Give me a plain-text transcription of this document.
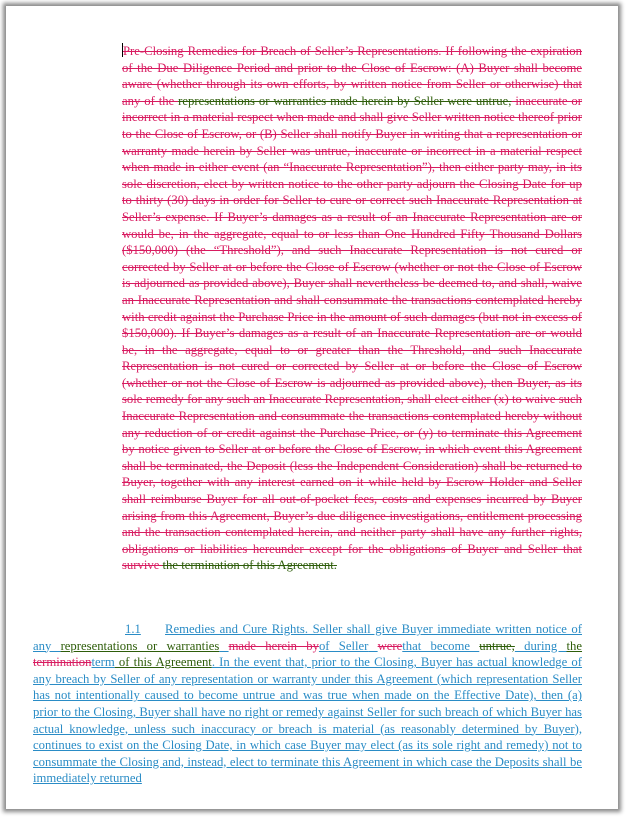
Pre-Closing Remedies for Breach of Seller’s Representations. If following the expiration of the Due Diligence Period and prior to the Close of Escrow: (A) Buyer shall become aware (whether through its own efforts, by written notice from Seller or otherwise) that any of the representations or warranties made herein by Seller were untrue, inaccurate or incorrect in a material respect when made and shall give Seller written notice thereof prior to the Close of Escrow, or (B) Seller shall notify Buyer in writing that a representation or warranty made herein by Seller was untrue, inaccurate or incorrect in a material respect when made in either event (an “Inaccurate Representation”), then either party may, in its sole discretion, elect by written notice to the other party adjourn the Closing Date for up to thirty (30) days in order for Seller to cure or correct such Inaccurate Representation at Seller’s expense. If Buyer’s damages as a result of an Inaccurate Representation are or would be, in the aggregate, equal to or less than One Hundred Fifty Thousand Dollars ($150,000) (the “Threshold”), and such Inaccurate Representation is not cured or corrected by Seller at or before the Close of Escrow (whether or not the Close of Escrow is adjourned as provided above), Buyer shall nevertheless be deemed to, and shall, waive an Inaccurate Representation and shall consummate the transactions contemplated hereby with credit against the Purchase Price in the amount of such damages (but not in excess of $150,000). If Buyer’s damages as a result of an Inaccurate Representation are or would be, in the aggregate, equal to or greater than the Threshold, and such Inaccurate Representation is not cured or corrected by Seller at or before the Close of Escrow (whether or not the Close of Escrow is adjourned as provided above), then Buyer, as its sole remedy for any such an Inaccurate Representation, shall elect either (x) to waive such Inaccurate Representation and consummate the transactions contemplated hereby without any reduction of or credit against the Purchase Price, or (y) to terminate this Agreement by notice given to Seller at or before the Close of Escrow, in which event this Agreement shall be terminated, the Deposit (less the Independent Consideration) shall be returned to Buyer, together with any interest earned on it while held by Escrow Holder and Seller shall reimburse Buyer for all out-of-pocket fees, costs and expenses incurred by Buyer arising from this Agreement, Buyer’s due diligence investigations, entitlement processing and the transaction contemplated herein, and neither party shall have any further rights, obligations or liabilities hereunder except for the obligations of Buyer and Seller that survive the termination of this Agreement.
1.1 Remedies and Cure Rights. Seller shall give Buyer immediate written notice of any representations or warranties made herein byof Seller werethat become untrue, during the terminationterm of this Agreement. In the event that, prior to the Closing, Buyer has actual knowledge of any breach by Seller of any representation or warranty under this Agreement (which representation Seller has not intentionally caused to become untrue and was true when made on the Effective Date), then (a) prior to the Closing, Buyer shall have no right or remedy against Seller for such breach of which Buyer has actual knowledge, unless such inaccuracy or breach is material (as reasonably determined by Buyer), continues to exist on the Closing Date, in which case Buyer may elect (as its sole right and remedy) not to consummate the Closing and, instead, elect to terminate this Agreement in which case the Deposits shall be immediately returned
